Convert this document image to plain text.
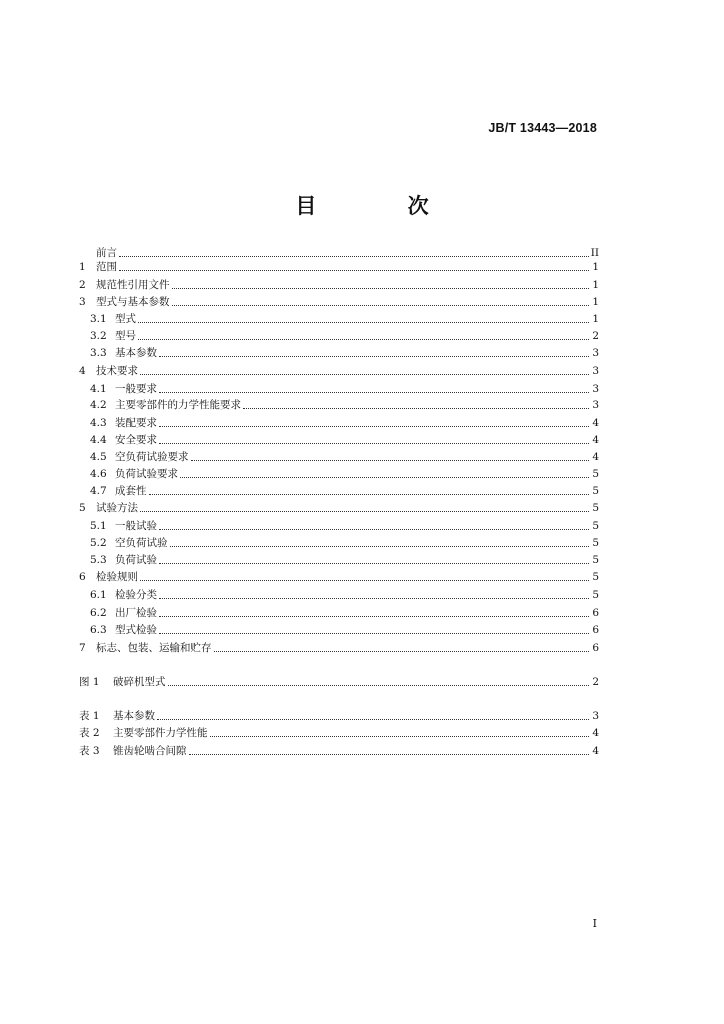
JB/T 13443—2018
目 次
前言	II
1 范围	1
2 规范性引用文件	1
3 型式与基本参数	1
3.1 型式	1
3.2 型号	2
3.3 基本参数	3
4 技术要求	3
4.1 一般要求	3
4.2 主要零部件的力学性能要求	3
4.3 装配要求	4
4.4 安全要求	4
4.5 空负荷试验要求	4
4.6 负荷试验要求	5
4.7 成套性	5
5 试验方法	5
5.1 一般试验	5
5.2 空负荷试验	5
5.3 负荷试验	5
6 检验规则	5
6.1 检验分类	5
6.2 出厂检验	6
6.3 型式检验	6
7 标志、包装、运输和贮存	6
图 1	破碎机型式	2
表 1	基本参数	3
表 2	主要零部件力学性能	4
表 3	锥齿轮啮合间隙	4
I
